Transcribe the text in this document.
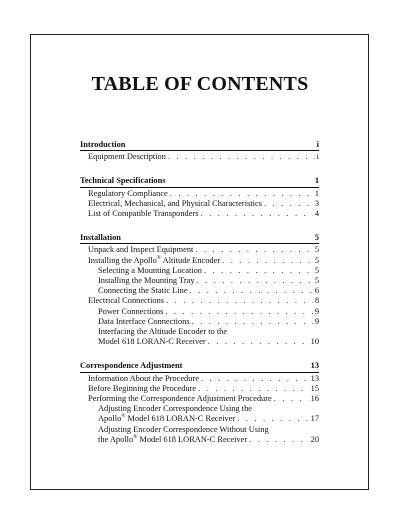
TABLE OF CONTENTS
Introduction	i
Equipment Description . . .	i
Technical Specifications	1
Regulatory Compliance . . .	1
Electrical, Mechanical, and Physical Characteristics . . .	3
List of Compatible Transponders . . .	4
Installation	5
Unpack and Inspect Equipment . . .	5
Installing the Apollo® Altitude Encoder . . .	5
Selecting a Mounting Location . . .	5
Installing the Mounting Tray . . .	5
Connecting the Static Line . . .	6
Electrical Connections . . .	8
Power Connections . . .	9
Data Interface Connections . . .	9
Interfacing the Altitude Encoder to the
Model 618 LORAN-C Receiver . . .	10
Correspondence Adjustment	13
Information About the Procedure . . .	13
Before Beginning the Procedure . . .	15
Performing the Correspondence Adjustment Procedure . . .	16
Adjusting Encoder Correspondence Using the
Apollo® Model 618 LORAN-C Receiver . . .	17
Adjusting Encoder Correspondence Without Using
the Apollo® Model 618 LORAN-C Receiver . . .	20
